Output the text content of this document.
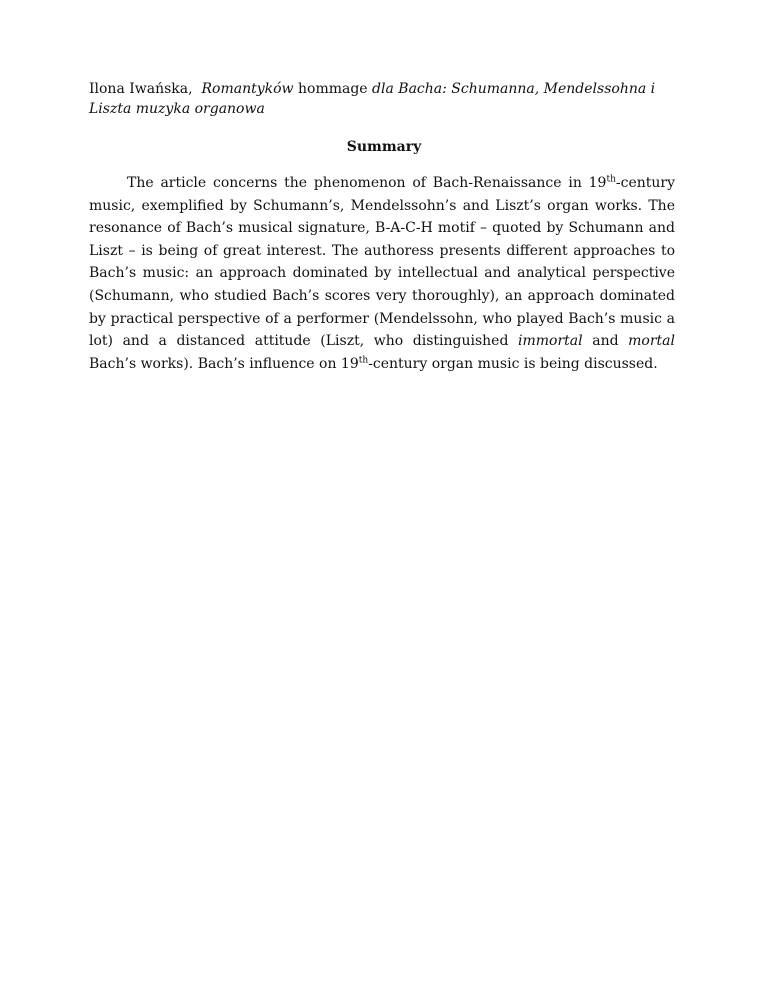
Ilona Iwańska, Romantyków hommage dla Bacha: Schumanna, Mendelssohna i Liszta muzyka organowa
Summary

The article concerns the phenomenon of Bach-Renaissance in 19th-century music, exemplified by Schumann’s, Mendelssohn’s and Liszt’s organ works. The resonance of Bach’s musical signature, B-A-C-H motif – quoted by Schumann and Liszt – is being of great interest. The authoress presents different approaches to Bach’s music: an approach dominated by intellectual and analytical perspective (Schumann, who studied Bach’s scores very thoroughly), an approach dominated by practical perspective of a performer (Mendelssohn, who played Bach’s music a lot) and a distanced attitude (Liszt, who distinguished immortal and mortal Bach’s works). Bach’s influence on 19th-century organ music is being discussed.
